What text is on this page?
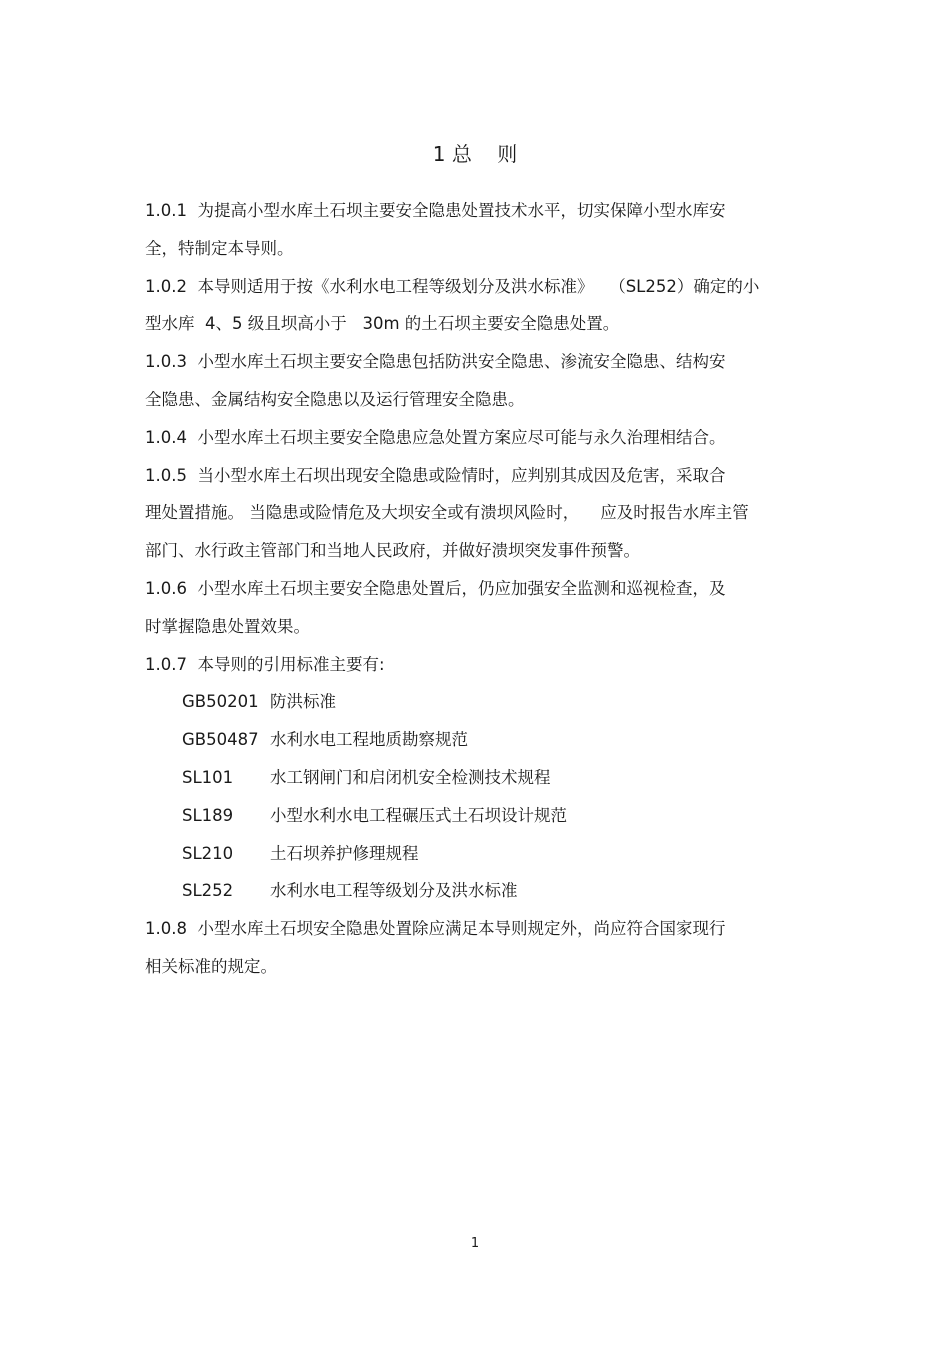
1 总    则
1.0.1  为提高小型水库土石坝主要安全隐患处置技术水平，切实保障小型水库安
全，特制定本导则。
1.0.2  本导则适用于按《水利水电工程等级划分及洪水标准》   （SL252）确定的小
型水库  4、5 级且坝高小于   30m 的土石坝主要安全隐患处置。
1.0.3  小型水库土石坝主要安全隐患包括防洪安全隐患、渗流安全隐患、结构安
全隐患、金属结构安全隐患以及运行管理安全隐患。
1.0.4  小型水库土石坝主要安全隐患应急处置方案应尽可能与永久治理相结合。
1.0.5  当小型水库土石坝出现安全隐患或险情时，应判别其成因及危害，采取合
理处置措施。 当隐患或险情危及大坝安全或有溃坝风险时，    应及时报告水库主管
部门、水行政主管部门和当地人民政府，并做好溃坝突发事件预警。
1.0.6  小型水库土石坝主要安全隐患处置后，仍应加强安全监测和巡视检查，及
时掌握隐患处置效果。
1.0.7  本导则的引用标准主要有:
GB50201 防洪标准
GB50487 水利水电工程地质勘察规范
SL101 水工钢闸门和启闭机安全检测技术规程
SL189 小型水利水电工程碾压式土石坝设计规范
SL210 土石坝养护修理规程
SL252 水利水电工程等级划分及洪水标准
1.0.8  小型水库土石坝安全隐患处置除应满足本导则规定外，尚应符合国家现行
相关标准的规定。
1
